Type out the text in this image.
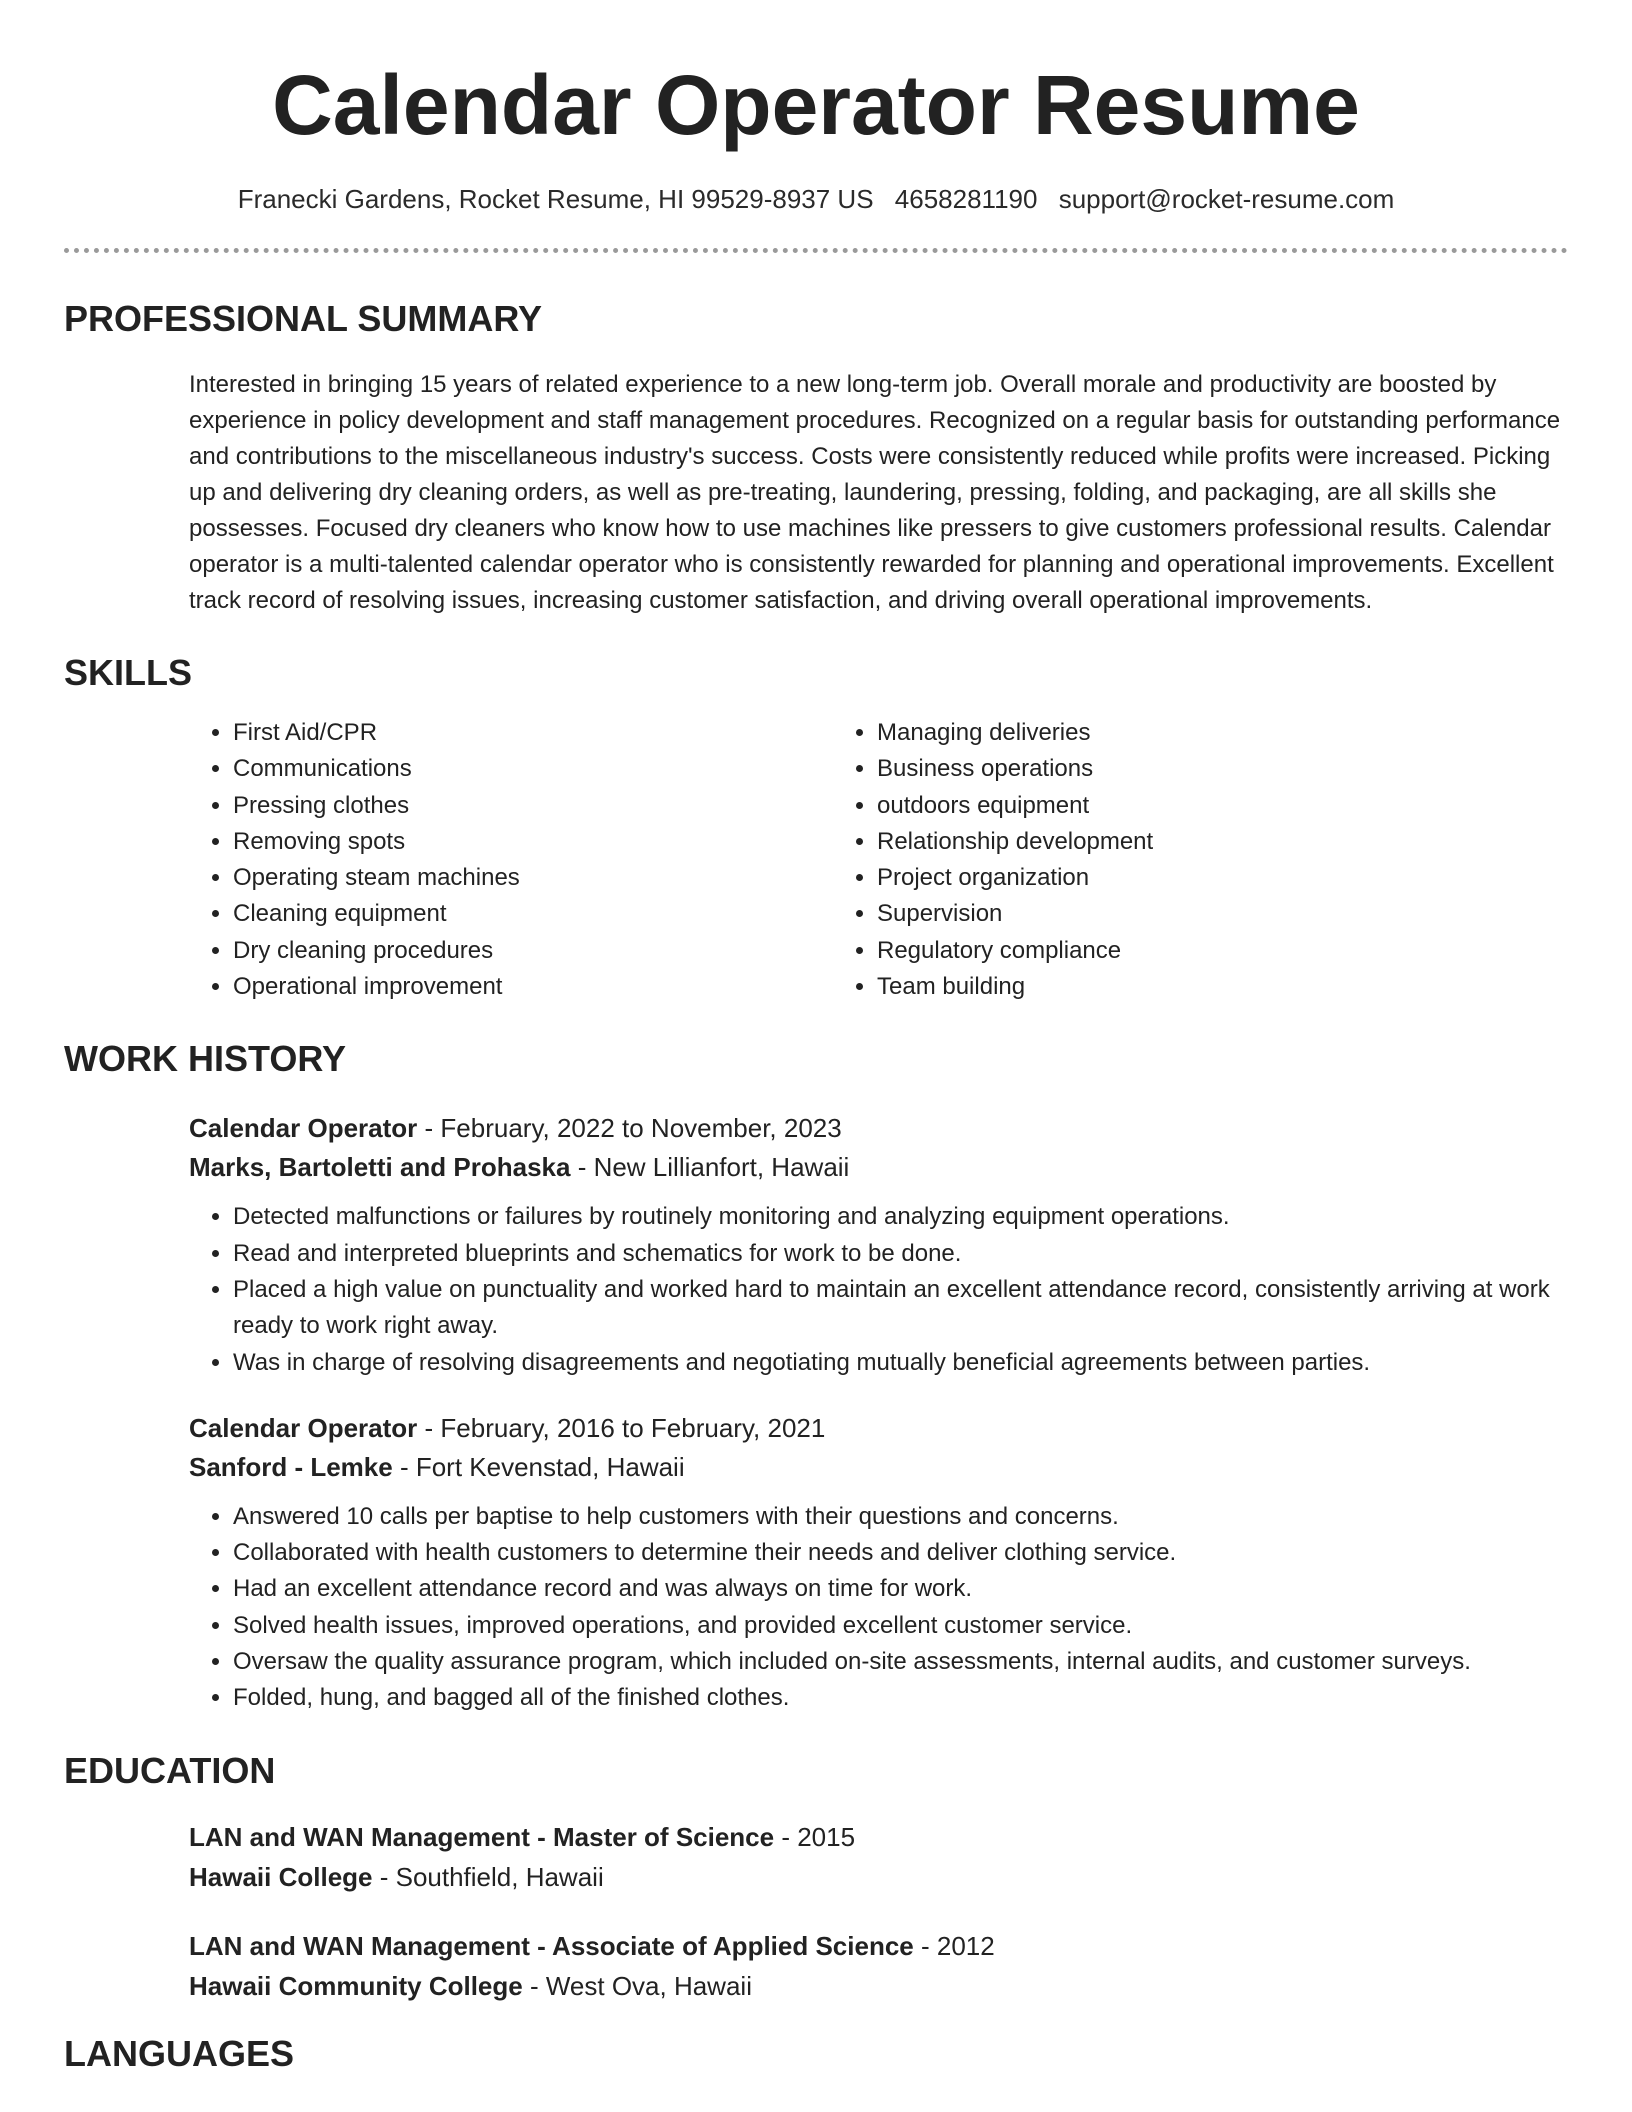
Calendar Operator Resume
Franecki Gardens, Rocket Resume, HI 99529-8937 US 4658281190 support@rocket-resume.com
PROFESSIONAL SUMMARY
Interested in bringing 15 years of related experience to a new long-term job. Overall morale and productivity are boosted by experience in policy development and staff management procedures. Recognized on a regular basis for outstanding performance and contributions to the miscellaneous industry's success. Costs were consistently reduced while profits were increased. Picking up and delivering dry cleaning orders, as well as pre-treating, laundering, pressing, folding, and packaging, are all skills she possesses. Focused dry cleaners who know how to use machines like pressers to give customers professional results. Calendar operator is a multi-talented calendar operator who is consistently rewarded for planning and operational improvements. Excellent track record of resolving issues, increasing customer satisfaction, and driving overall operational improvements.
SKILLS
• First Aid/CPR
• Communications
• Pressing clothes
• Removing spots
• Operating steam machines
• Cleaning equipment
• Dry cleaning procedures
• Operational improvement
• Managing deliveries
• Business operations
• outdoors equipment
• Relationship development
• Project organization
• Supervision
• Regulatory compliance
• Team building
WORK HISTORY
Calendar Operator - February, 2022 to November, 2023
Marks, Bartoletti and Prohaska - New Lillianfort, Hawaii
• Detected malfunctions or failures by routinely monitoring and analyzing equipment operations.
• Read and interpreted blueprints and schematics for work to be done.
• Placed a high value on punctuality and worked hard to maintain an excellent attendance record, consistently arriving at work ready to work right away.
• Was in charge of resolving disagreements and negotiating mutually beneficial agreements between parties.
Calendar Operator - February, 2016 to February, 2021
Sanford - Lemke - Fort Kevenstad, Hawaii
• Answered 10 calls per baptise to help customers with their questions and concerns.
• Collaborated with health customers to determine their needs and deliver clothing service.
• Had an excellent attendance record and was always on time for work.
• Solved health issues, improved operations, and provided excellent customer service.
• Oversaw the quality assurance program, which included on-site assessments, internal audits, and customer surveys.
• Folded, hung, and bagged all of the finished clothes.
EDUCATION
LAN and WAN Management - Master of Science - 2015
Hawaii College - Southfield, Hawaii
LAN and WAN Management - Associate of Applied Science - 2012
Hawaii Community College - West Ova, Hawaii
LANGUAGES
